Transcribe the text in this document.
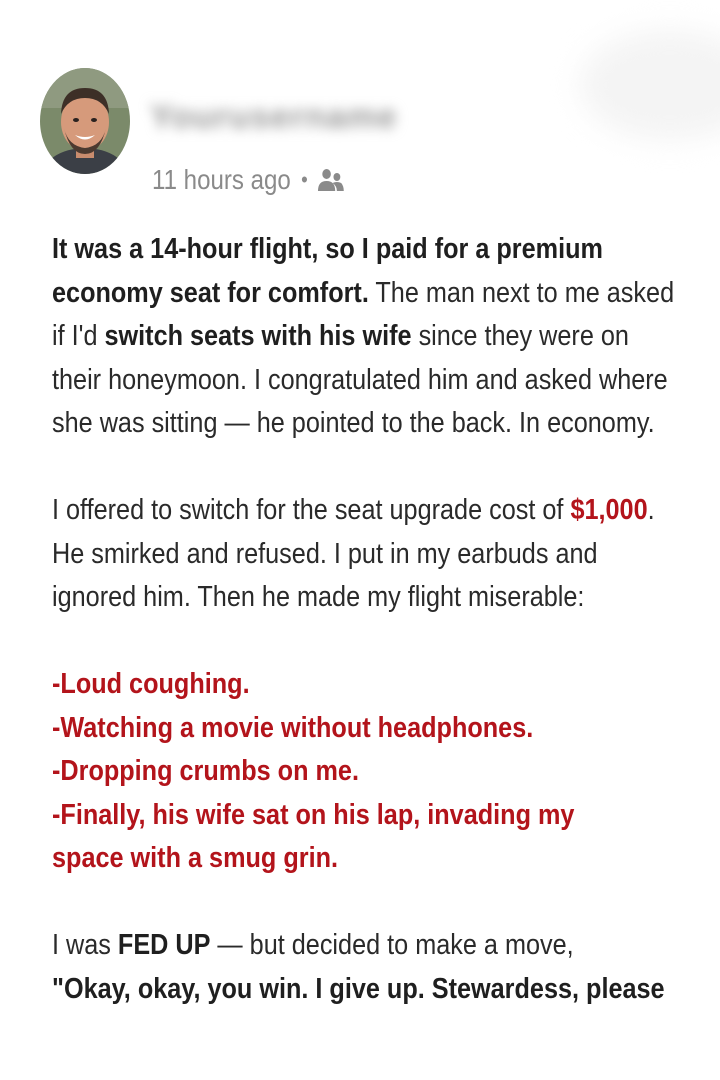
Yourusername
11 hours ago •

It was a 14-hour flight, so I paid for a premium economy seat for comfort. The man next to me asked if I'd switch seats with his wife since they were on their honeymoon. I congratulated him and asked where she was sitting — he pointed to the back. In economy.

I offered to switch for the seat upgrade cost of $1,000. He smirked and refused. I put in my earbuds and ignored him. Then he made my flight miserable:

-Loud coughing.

-Watching a movie without headphones.

-Dropping crumbs on me.

-Finally, his wife sat on his lap, invading my space with a smug grin.

I was FED UP — but decided to make a move,

"Okay, okay, you win. I give up. Stewardess, please
